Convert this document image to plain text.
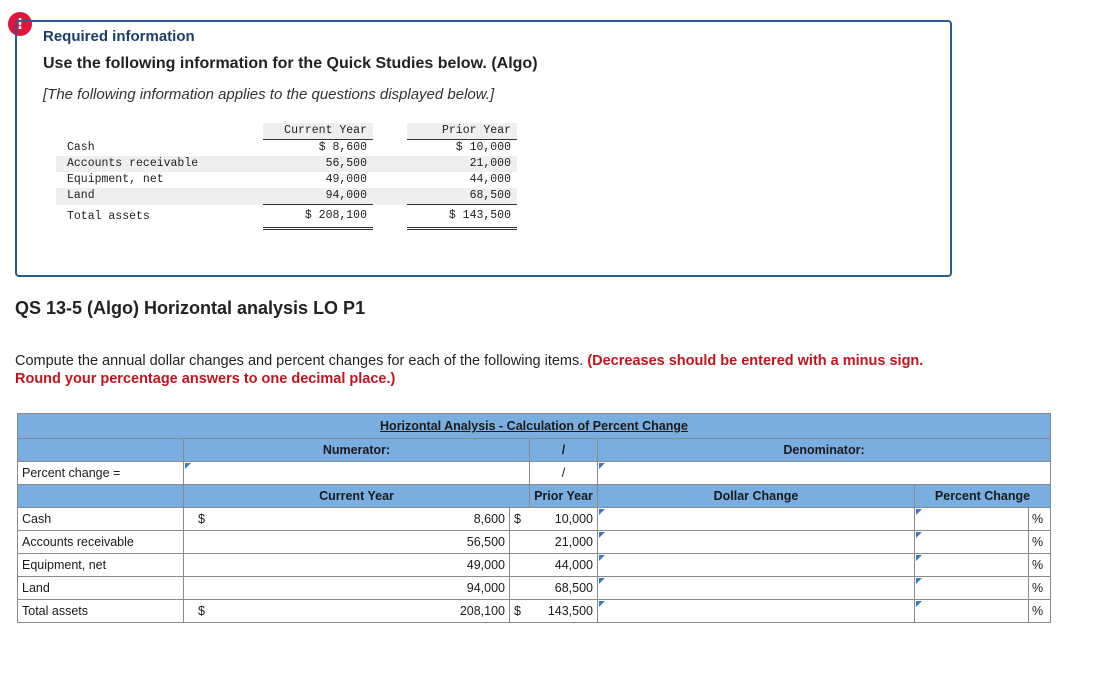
!
Required information
Use the following information for the Quick Studies below. (Algo)
[The following information applies to the questions displayed below.]
	Current Year		Prior Year
Cash	$ 8,600		$ 10,000
Accounts receivable	56,500		21,000
Equipment, net	49,000		44,000
Land	94,000		68,500
Total assets	$ 208,100		$ 143,500
QS 13-5 (Algo) Horizontal analysis LO P1
Compute the annual dollar changes and percent changes for each of the following items. (Decreases should be entered with a minus sign. Round your percentage answers to one decimal place.)
Horizontal Analysis - Calculation of Percent Change						
	Numerator:		/	Denominator:		
Percent change =			/	

	Current Year		Prior Year	Dollar Change	Percent Change	
Cash	$ 8,600	$ 10,000				%
Accounts receivable	56,500	21,000				%
Equipment, net	49,000	44,000				%
Land	94,000	68,500				%
Total assets	$ 208,100	$ 143,500				%
